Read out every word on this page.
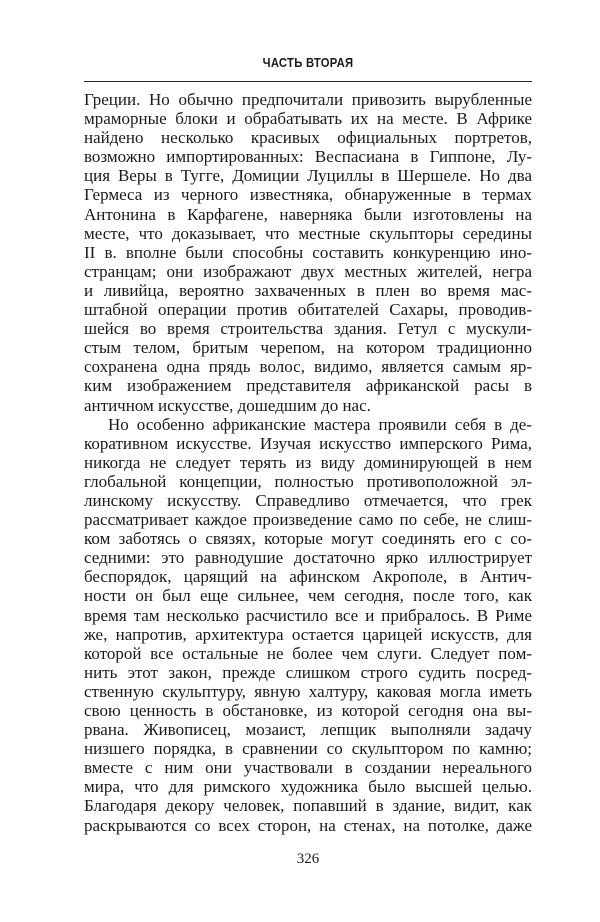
ЧАСТЬ ВТОРАЯ
Греции. Но обычно предпочитали привозить вырубленные
мраморные блоки и обрабатывать их на месте. В Африке
найдено несколько красивых официальных портретов,
возможно импортированных: Веспасиана в Гиппоне, Лу-
ция Веры в Тугге, Домиции Луциллы в Шершеле. Но два
Гермеса из черного известняка, обнаруженные в термах
Антонина в Карфагене, наверняка были изготовлены на
месте, что доказывает, что местные скульпторы середины
II в. вполне были способны составить конкуренцию ино-
странцам; они изображают двух местных жителей, негра
и ливийца, вероятно захваченных в плен во время мас-
штабной операции против обитателей Сахары, проводив-
шейся во время строительства здания. Гетул с мускули-
стым телом, бритым черепом, на котором традиционно
сохранена одна прядь волос, видимо, является самым яр-
ким изображением представителя африканской расы в
античном искусстве, дошедшим до нас.
Но особенно африканские мастера проявили себя в де-
коративном искусстве. Изучая искусство имперского Рима,
никогда не следует терять из виду доминирующей в нем
глобальной концепции, полностью противоположной эл-
линскому искусству. Справедливо отмечается, что грек
рассматривает каждое произведение само по себе, не слиш-
ком заботясь о связях, которые могут соединять его с со-
седними: это равнодушие достаточно ярко иллюстрирует
беспорядок, царящий на афинском Акрополе, в Антич-
ности он был еще сильнее, чем сегодня, после того, как
время там несколько расчистило все и прибралось. В Риме
же, напротив, архитектура остается царицей искусств, для
которой все остальные не более чем слуги. Следует пом-
нить этот закон, прежде слишком строго судить посред-
ственную скульптуру, явную халтуру, каковая могла иметь
свою ценность в обстановке, из которой сегодня она вы-
рвана. Живописец, мозаист, лепщик выполняли задачу
низшего порядка, в сравнении со скульптором по камню;
вместе с ним они участвовали в создании нереального
мира, что для римского художника было высшей целью.
Благодаря декору человек, попавший в здание, видит, как
раскрываются со всех сторон, на стенах, на потолке, даже
326
